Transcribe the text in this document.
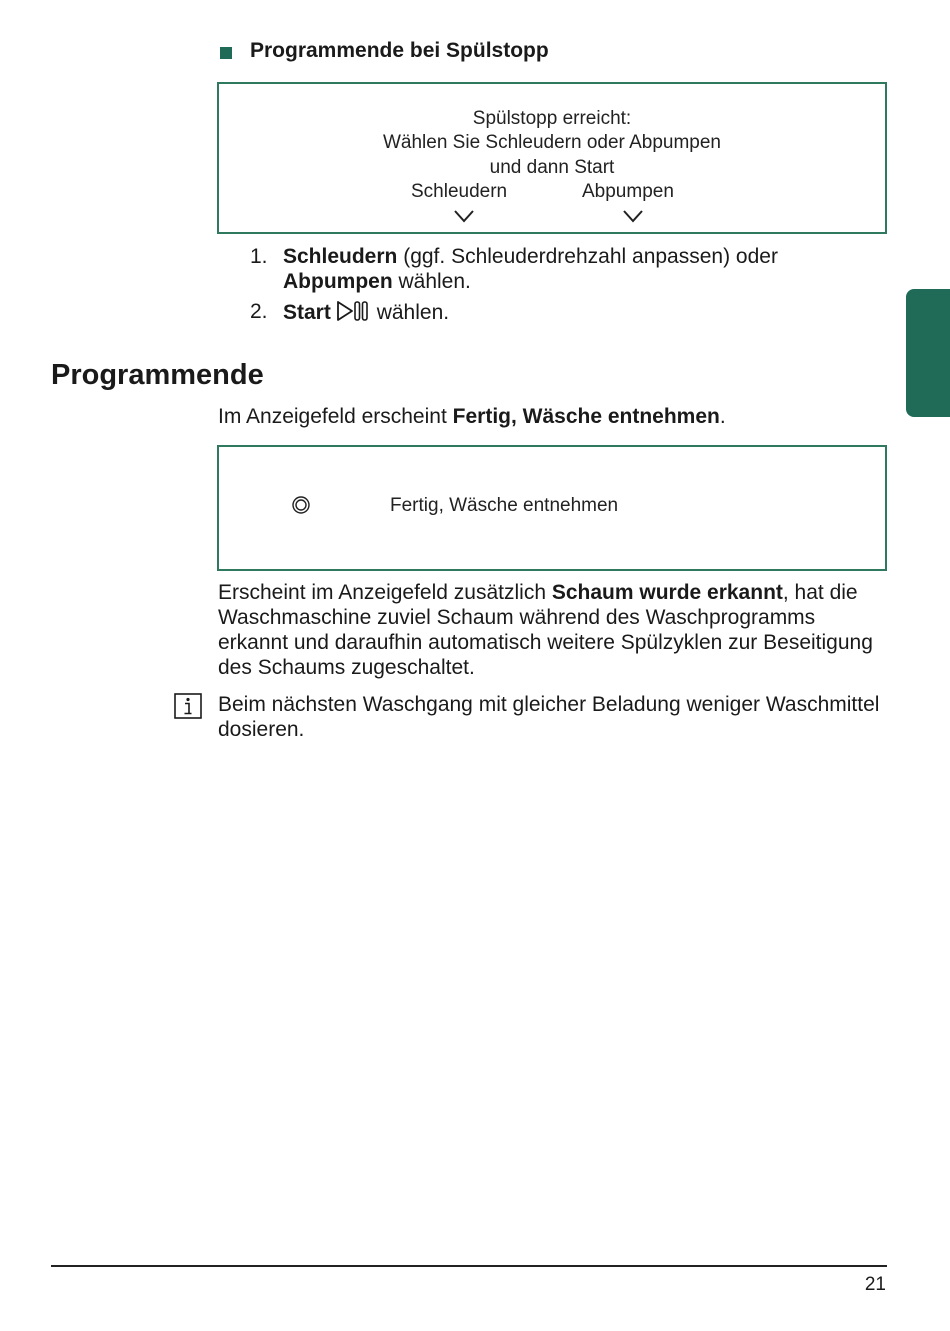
Programmende bei Spülstopp
Spülstopp erreicht:
Wählen Sie Schleudern oder Abpumpen
und dann Start
Schleudern	Abpumpen
1. Schleudern (ggf. Schleuderdrehzahl anpassen) oder Abpumpen wählen.
2. Start wählen.
Programmende
Im Anzeigefeld erscheint Fertig, Wäsche entnehmen.
Fertig, Wäsche entnehmen
Erscheint im Anzeigefeld zusätzlich Schaum wurde erkannt, hat die Waschmaschine zuviel Schaum während des Waschprogramms erkannt und daraufhin automatisch weitere Spülzyklen zur Beseitigung des Schaums zugeschaltet.
Beim nächsten Waschgang mit gleicher Beladung weniger Waschmittel dosieren.
21
